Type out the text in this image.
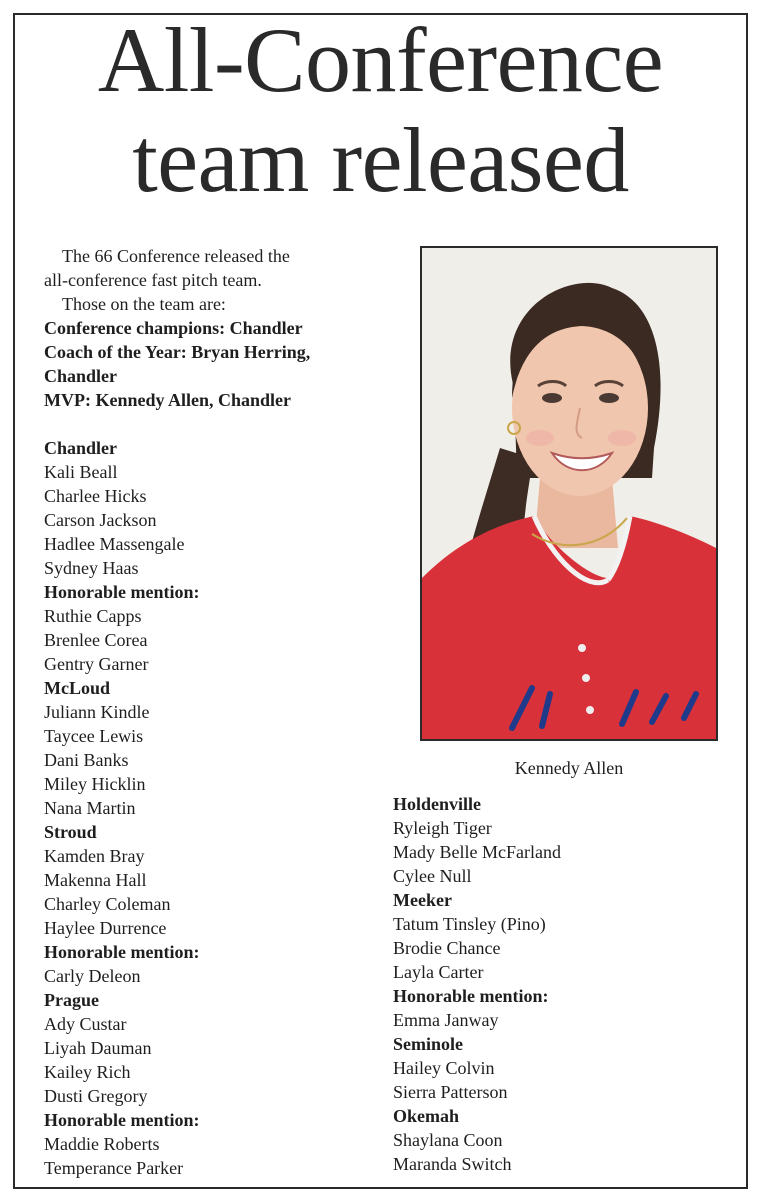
All-Conference
team released
The 66 Conference released the
all-conference fast pitch team.
Those on the team are:
Conference champions: Chandler
Coach of the Year: Bryan Herring,
Chandler
MVP: Kennedy Allen, Chandler
Chandler
Kali Beall
Charlee Hicks
Carson Jackson
Hadlee Massengale
Sydney Haas
Honorable mention:
Ruthie Capps
Brenlee Corea
Gentry Garner
McLoud
Juliann Kindle
Taycee Lewis
Dani Banks
Miley Hicklin
Nana Martin
Stroud
Kamden Bray
Makenna Hall
Charley Coleman
Haylee Durrence
Honorable mention:
Carly Deleon
Prague
Ady Custar
Liyah Dauman
Kailey Rich
Dusti Gregory
Honorable mention:
Maddie Roberts
Temperance Parker
Kennedy Allen
Holdenville
Ryleigh Tiger
Mady Belle McFarland
Cylee Null
Meeker
Tatum Tinsley (Pino)
Brodie Chance
Layla Carter
Honorable mention:
Emma Janway
Seminole
Hailey Colvin
Sierra Patterson
Okemah
Shaylana Coon
Maranda Switch
